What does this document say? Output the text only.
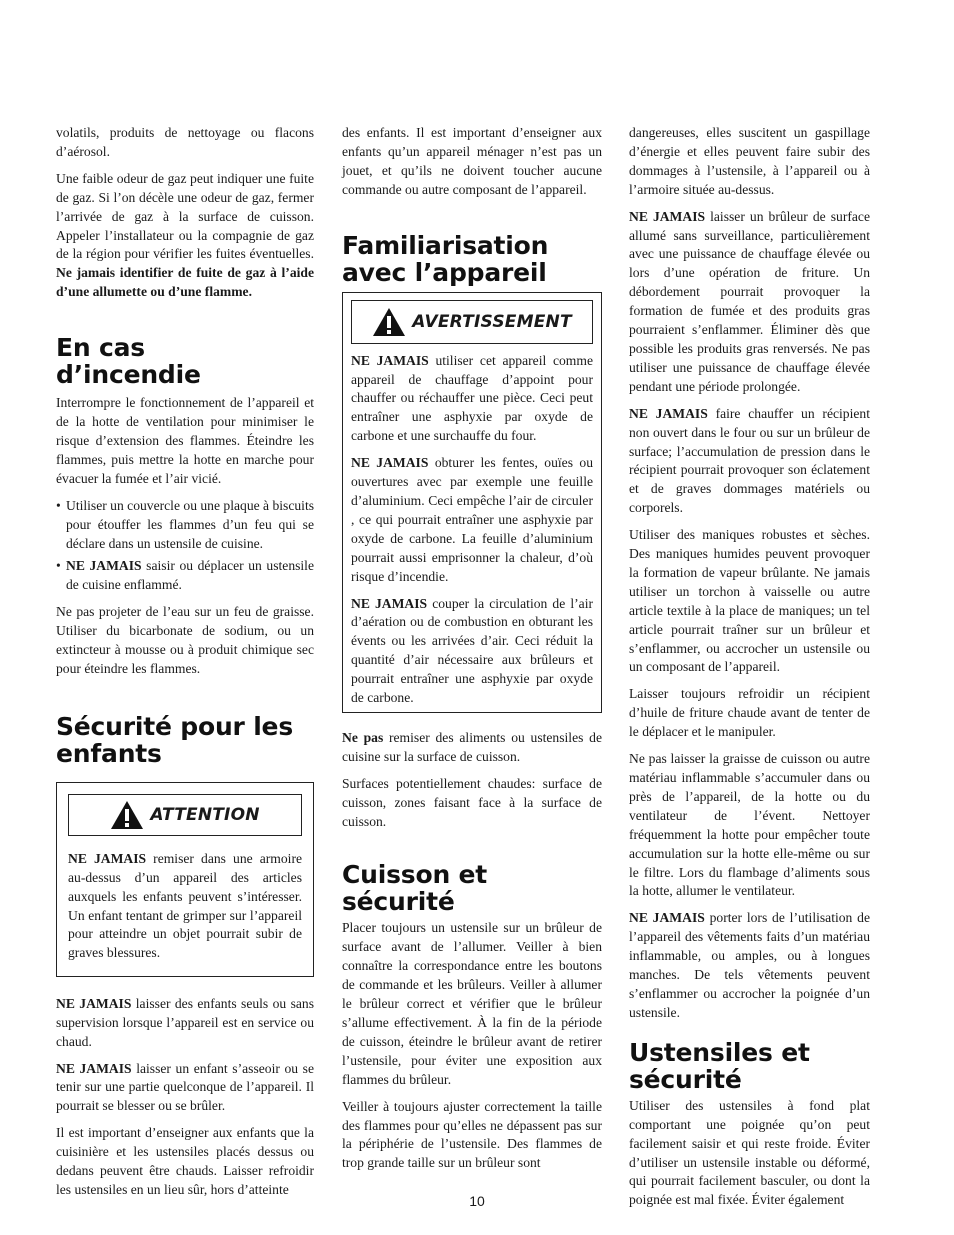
volatils, produits de nettoyage ou flacons d’aérosol.

Une faible odeur de gaz peut indiquer une fuite de gaz. Si l’on décèle une odeur de gaz, fermer l’arrivée de gaz à la surface de cuisson. Appeler l’installateur ou la compagnie de gaz de la région pour vérifier les fuites éventuelles. Ne jamais identifier de fuite de gaz à l’aide d’une allumette ou d’une flamme.

En cas
d’incendie

Interrompre le fonctionnement de l’appareil et de la hotte de ventilation pour minimiser le risque d’extension des flammes. Éteindre les flammes, puis mettre la hotte en marche pour évacuer la fumée et l’air vicié.

• Utiliser un couvercle ou une plaque à biscuits pour étouffer les flammes d’un feu qui se déclare dans un ustensile de cuisine.
• NE JAMAIS saisir ou déplacer un ustensile de cuisine enflammé.

Ne pas projeter de l’eau sur un feu de graisse. Utiliser du bicarbonate de sodium, ou un extincteur à mousse ou à produit chimique sec pour éteindre les flammes.

Sécurité pour les
enfants
ATTENTION

NE JAMAIS remiser dans une armoire au-dessus d’un appareil des articles auxquels les enfants peuvent s’intéresser. Un enfant tentant de grimper sur l’appareil pour atteindre un objet pourrait subir de graves blessures.

NE JAMAIS laisser des enfants seuls ou sans supervision lorsque l’appareil est en service ou chaud.

NE JAMAIS laisser un enfant s’asseoir ou se tenir sur une partie quelconque de l’appareil. Il pourrait se blesser ou se brûler.

Il est important d’enseigner aux enfants que la cuisinière et les ustensiles placés dessus ou dedans peuvent être chauds. Laisser refroidir les ustensiles en un lieu sûr, hors d’atteinte

des enfants. Il est important d’enseigner aux enfants qu’un appareil ménager n’est pas un jouet, et qu’ils ne doivent toucher aucune commande ou autre composant de l’appareil.

Familiarisation
avec l’appareil
AVERTISSEMENT

NE JAMAIS utiliser cet appareil comme appareil de chauffage d’appoint pour chauffer ou réchauffer une pièce. Ceci peut entraîner une asphyxie par oxyde de carbone et une surchauffe du four.

NE JAMAIS obturer les fentes, ouïes ou ouvertures avec par exemple une feuille d’aluminium. Ceci empêche l’air de circuler , ce qui pourrait entraîner une asphyxie par oxyde de carbone. La feuille d’aluminium pourrait aussi emprisonner la chaleur, d’où risque d’incendie.

NE JAMAIS couper la circulation de l’air d’aération ou de combustion en obturant les évents ou les arrivées d’air. Ceci réduit la quantité d’air nécessaire aux brûleurs et pourrait entraîner une asphyxie par oxyde de carbone.

Ne pas remiser des aliments ou ustensiles de cuisine sur la surface de cuisson.

Surfaces potentiellement chaudes: surface de cuisson, zones faisant face à la surface de cuisson.

Cuisson et
sécurité

Placer toujours un ustensile sur un brûleur de surface avant de l’allumer. Veiller à bien connaître la correspondance entre les boutons de commande et les brûleurs. Veiller à allumer le brûleur correct et vérifier que le brûleur s’allume effectivement. À la fin de la période de cuisson, éteindre le brûleur avant de retirer l’ustensile, pour éviter une exposition aux flammes du brûleur.

Veiller à toujours ajuster correctement la taille des flammes pour qu’elles ne dépassent pas sur la périphérie de l’ustensile. Des flammes de trop grande taille sur un brûleur sont

dangereuses, elles suscitent un gaspillage d’énergie et elles peuvent faire subir des dommages à l’ustensile, à l’appareil ou à l’armoire située au-dessus.

NE JAMAIS laisser un brûleur de surface allumé sans surveillance, particulièrement avec une puissance de chauffage élevée ou lors d’une opération de friture. Un débordement pourrait provoquer la formation de fumée et des produits gras pourraient s’enflammer. Éliminer dès que possible les produits gras renversés. Ne pas utiliser une puissance de chauffage élevée pendant une période prolongée.

NE JAMAIS faire chauffer un récipient non ouvert dans le four ou sur un brûleur de surface; l’accumulation de pression dans le récipient pourrait provoquer son éclatement et de graves dommages matériels ou corporels.

Utiliser des maniques robustes et sèches. Des maniques humides peuvent provoquer la formation de vapeur brûlante. Ne jamais utiliser un torchon à vaisselle ou autre article textile à la place de maniques; un tel article pourrait traîner sur un brûleur et s’enflammer, ou accrocher un ustensile ou un composant de l’appareil.

Laisser toujours refroidir un récipient d’huile de friture chaude avant de tenter de le déplacer et le manipuler.

Ne pas laisser la graisse de cuisson ou autre matériau inflammable s’accumuler dans ou près de l’appareil, de la hotte ou du ventilateur de l’évent. Nettoyer fréquemment la hotte pour empêcher toute accumulation sur la hotte elle-même ou sur le filtre. Lors du flambage d’aliments sous la hotte, allumer le ventilateur.

NE JAMAIS porter lors de l’utilisation de l’appareil des vêtements faits d’un matériau inflammable, ou amples, ou à longues manches. De tels vêtements peuvent s’enflammer ou accrocher la poignée d’un ustensile.

Ustensiles et
sécurité

Utiliser des ustensiles à fond plat comportant une poignée qu’on peut facilement saisir et qui reste froide. Éviter d’utiliser un ustensile instable ou déformé, qui pourrait facilement basculer, ou dont la poignée est mal fixée. Éviter également

10
